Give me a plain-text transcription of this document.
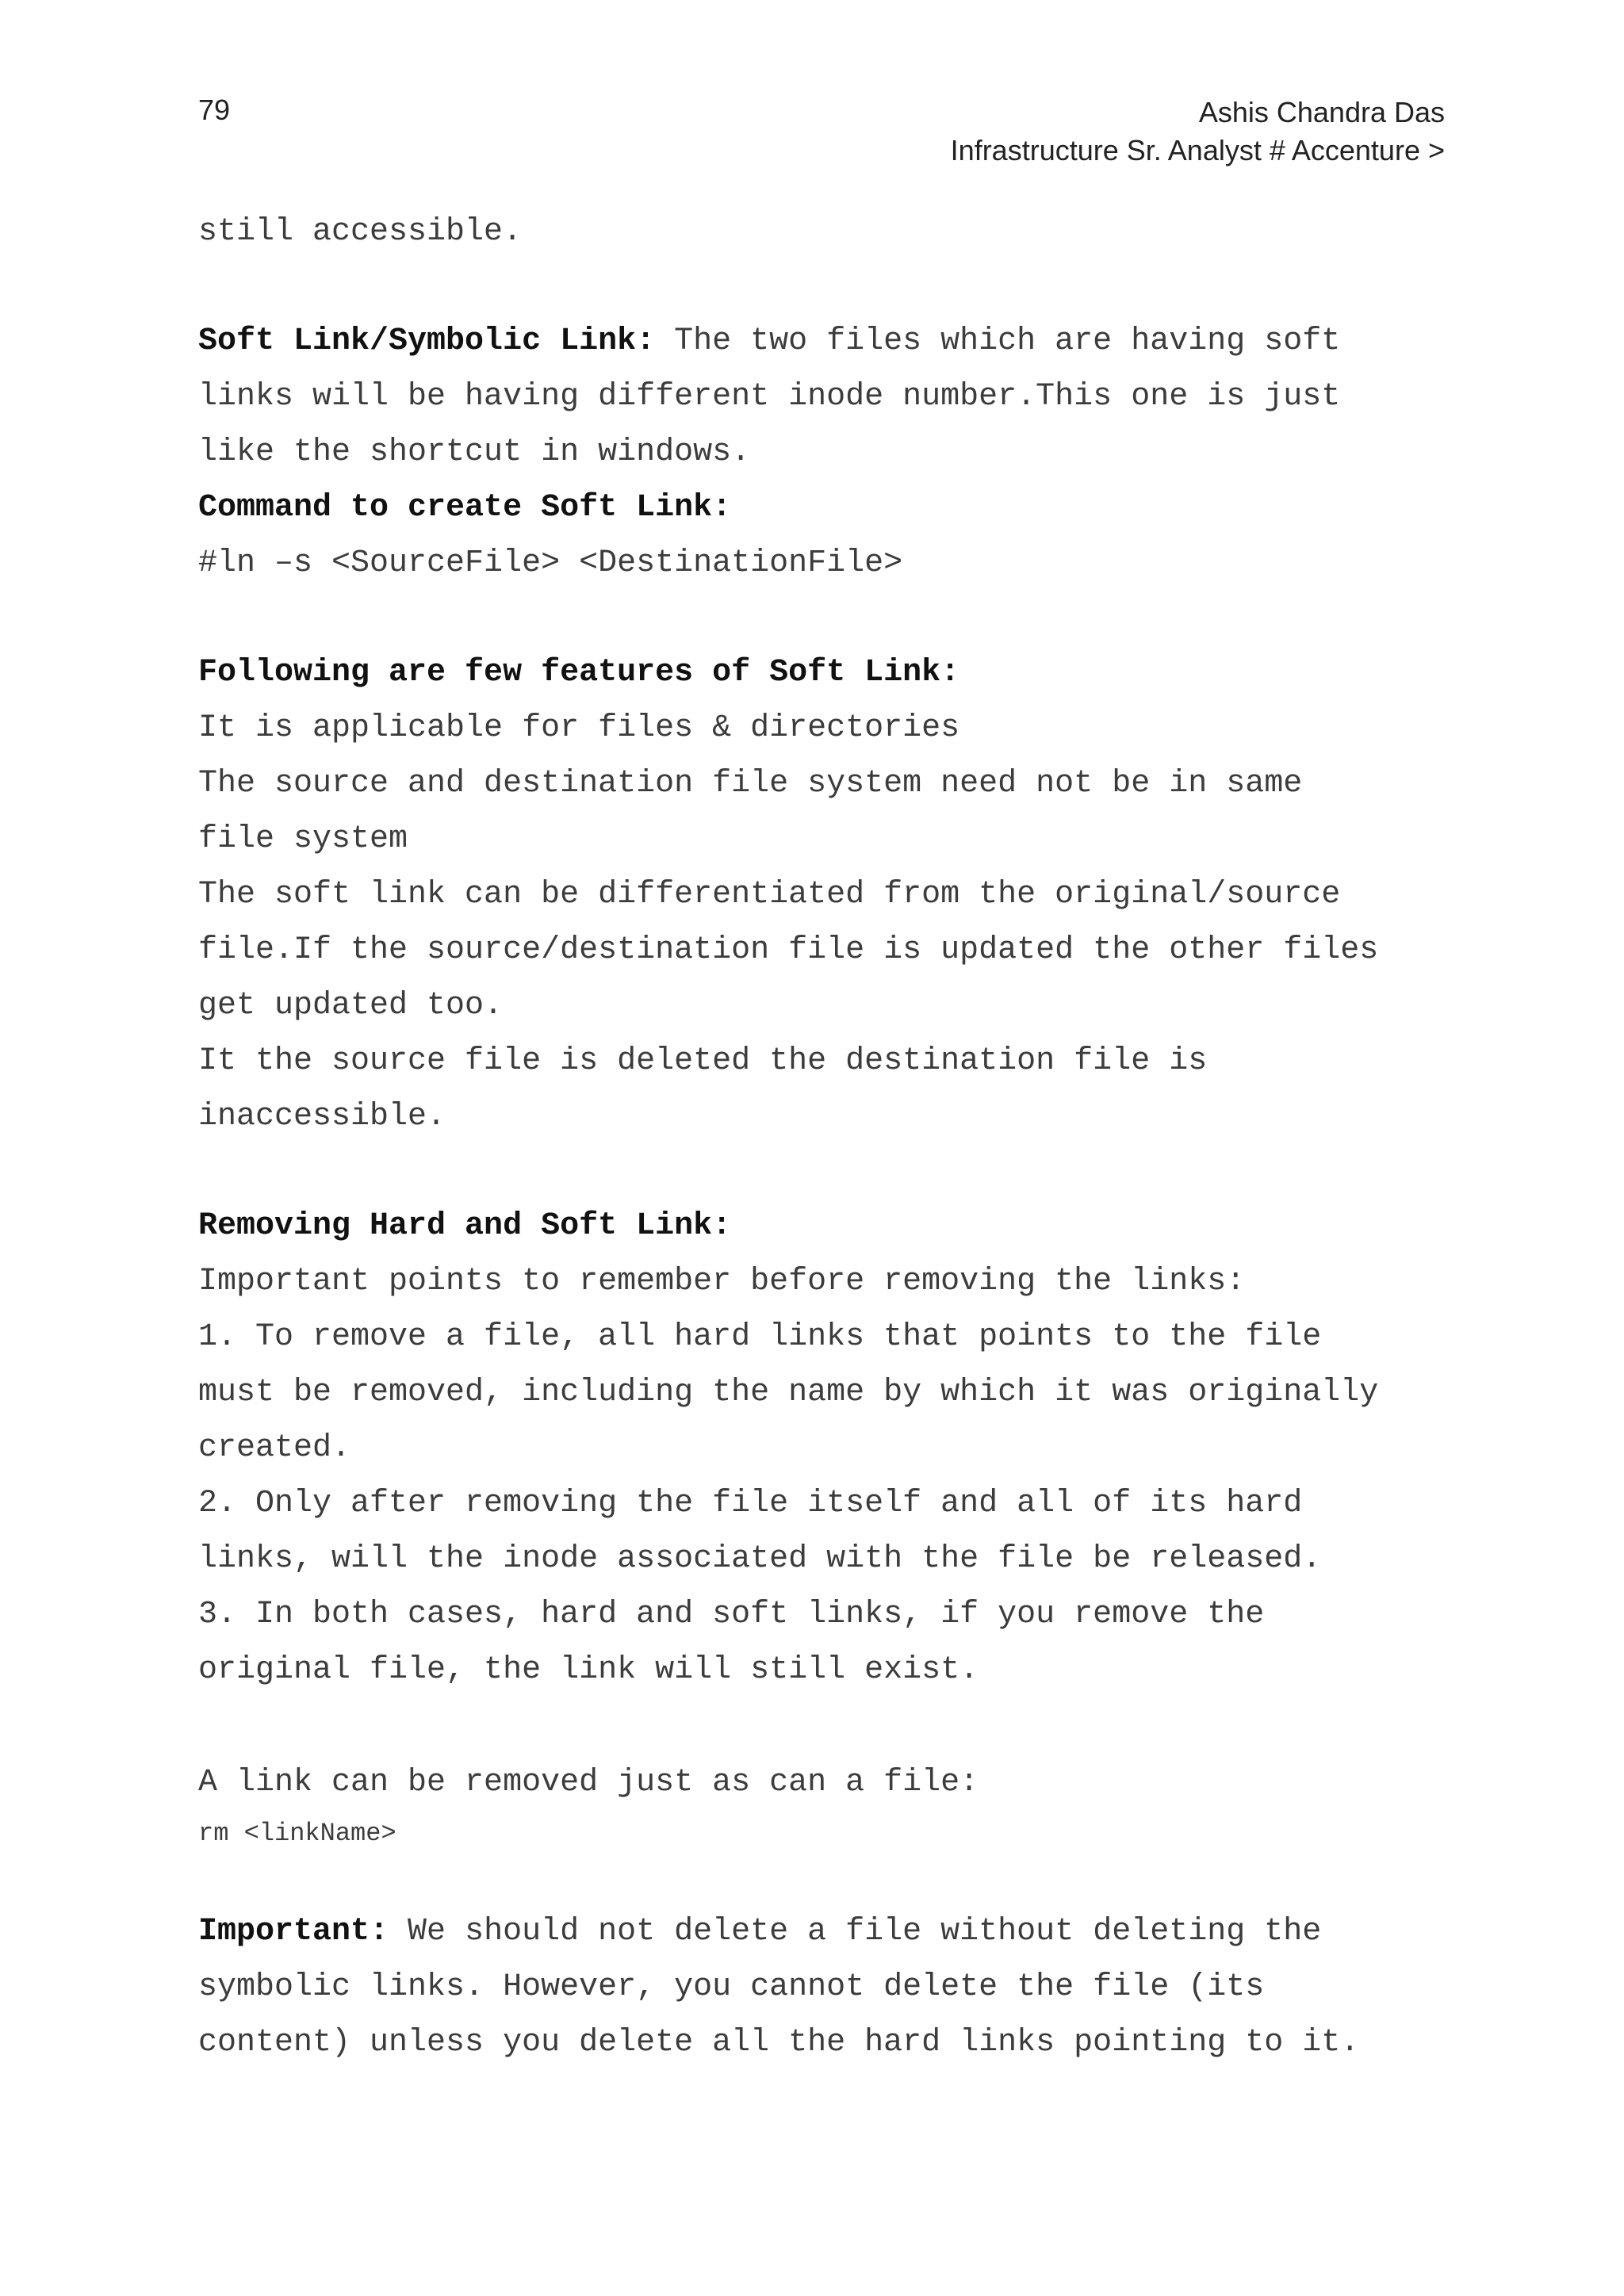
79	Ashis Chandra Das
Infrastructure Sr. Analyst # Accenture >
still accessible.
Soft Link/Symbolic Link: The two files which are having soft
links will be having different inode number.This one is just
like the shortcut in windows.
Command to create Soft Link:
#ln –s <SourceFile> <DestinationFile>
Following are few features of Soft Link:
It is applicable for files & directories
The source and destination file system need not be in same
file system
The soft link can be differentiated from the original/source
file.If the source/destination file is updated the other files
get updated too.
It the source file is deleted the destination file is
inaccessible.
Removing Hard and Soft Link:
Important points to remember before removing the links:
1. To remove a file, all hard links that points to the file
must be removed, including the name by which it was originally
created.
2. Only after removing the file itself and all of its hard
links, will the inode associated with the file be released.
3. In both cases, hard and soft links, if you remove the
original file, the link will still exist.
A link can be removed just as can a file:
rm <linkName>
Important: We should not delete a file without deleting the
symbolic links. However, you cannot delete the file (its
content) unless you delete all the hard links pointing to it.
